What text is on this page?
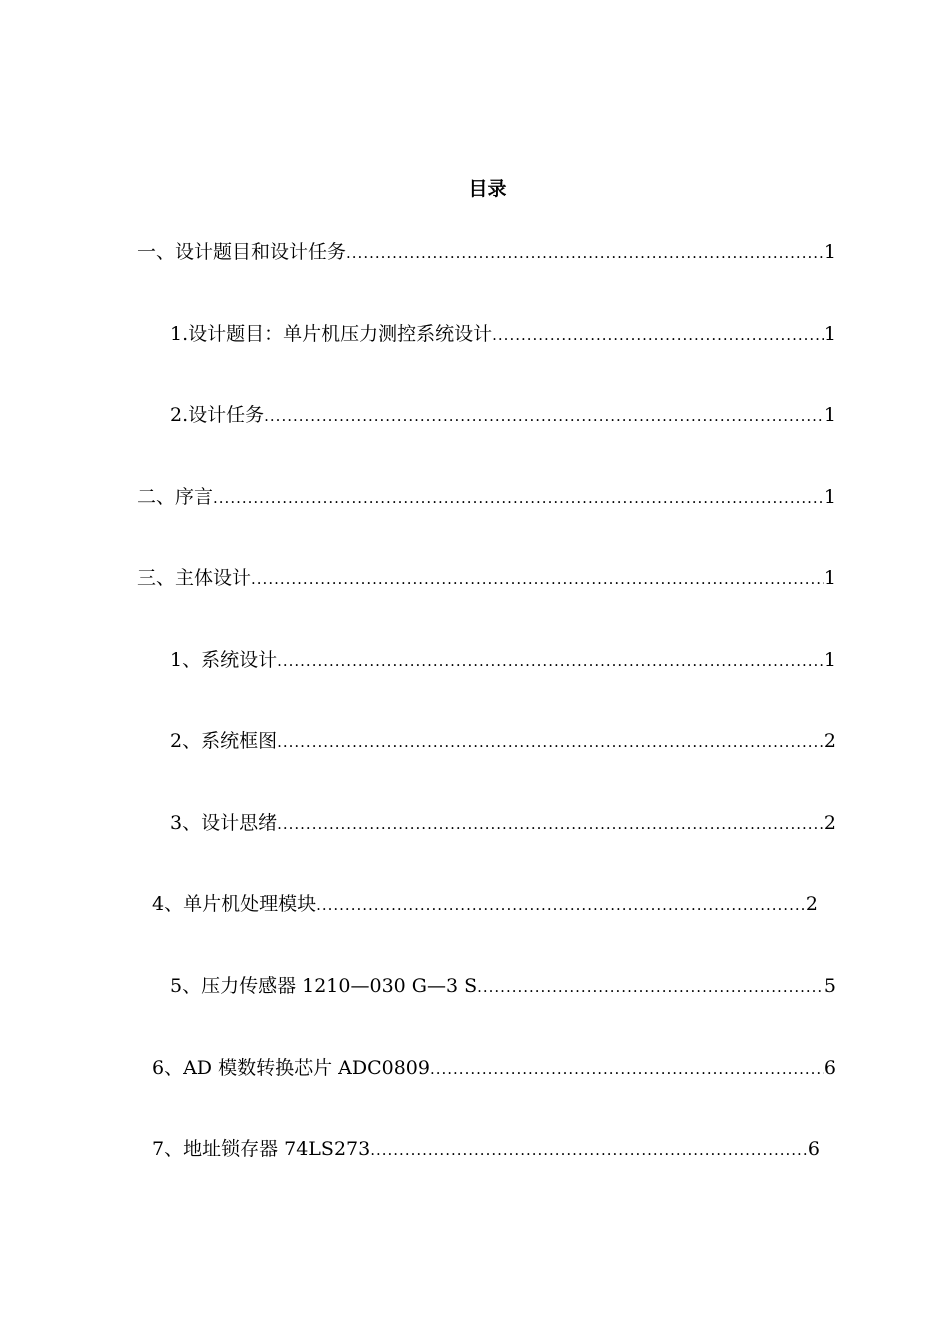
目录
一、设计题目和设计任务 .....	1
1.设计题目：单片机压力测控系统设计 .....	1
2.设计任务 .....	1
二、序言 .....	1
三、主体设计 .....	1
1、系统设计 .....	1
2、系统框图 .....	2
3、设计思绪 .....	2
4、单片机处理模块 .....	2
5、压力传感器 1210—030 G—3 S .....	5
6、AD 模数转换芯片 ADC0809 .....	6
7、地址锁存器 74LS273 .....	6
